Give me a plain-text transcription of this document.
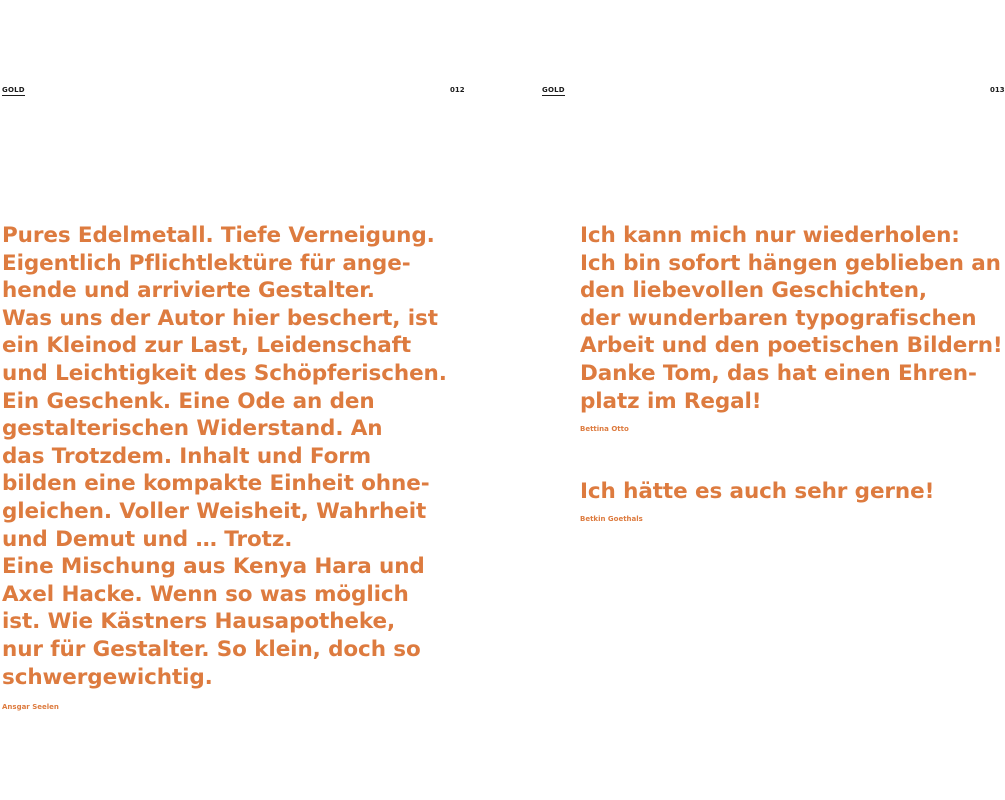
GOLD	012

Pures Edelmetall. Tiefe Verneigung.
Eigentlich Pflichtlektüre für ange-
hende und arrivierte Gestalter.
Was uns der Autor hier beschert, ist
ein Kleinod zur Last, Leidenschaft
und Leichtigkeit des Schöpferischen.
Ein Geschenk. Eine Ode an den
gestalterischen Widerstand. An
das Trotzdem. Inhalt und Form
bilden eine kompakte Einheit ohne-
gleichen. Voller Weisheit, Wahrheit
und Demut und … Trotz.
Eine Mischung aus Kenya Hara und
Axel Hacke. Wenn so was möglich
ist. Wie Kästners Hausapotheke,
nur für Gestalter. So klein, doch so
schwergewichtig.

Ansgar Seelen
GOLD	013

Ich kann mich nur wiederholen:
Ich bin sofort hängen geblieben an
den liebevollen Geschichten,
der wunderbaren typografischen
Arbeit und den poetischen Bildern!
Danke Tom, das hat einen Ehren-
platz im Regal!

Bettina Otto

Ich hätte es auch sehr gerne!

Betkin Goethals
